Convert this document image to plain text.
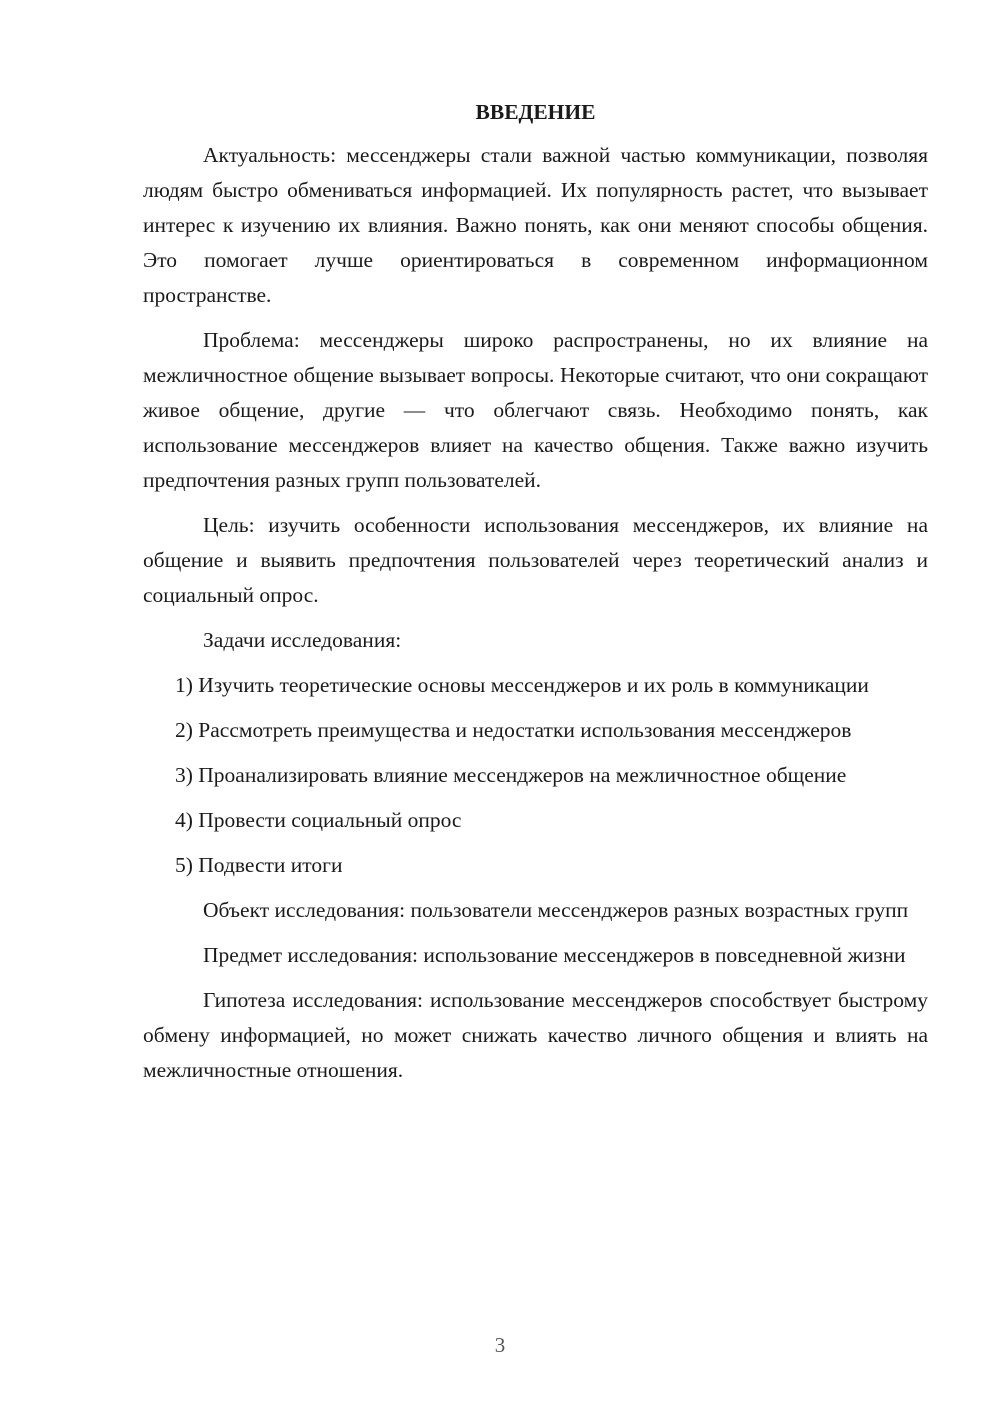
ВВЕДЕНИЕ

Актуальность: мессенджеры стали важной частью коммуникации, позволяя людям быстро обмениваться информацией. Их популярность растет, что вызывает интерес к изучению их влияния. Важно понять, как они меняют способы общения. Это помогает лучше ориентироваться в современном информационном пространстве.

Проблема: мессенджеры широко распространены, но их влияние на межличностное общение вызывает вопросы. Некоторые считают, что они сокращают живое общение, другие — что облегчают связь. Необходимо понять, как использование мессенджеров влияет на качество общения. Также важно изучить предпочтения разных групп пользователей.

Цель: изучить особенности использования мессенджеров, их влияние на общение и выявить предпочтения пользователей через теоретический анализ и социальный опрос.

Задачи исследования:

1) Изучить теоретические основы мессенджеров и их роль в коммуникации

2) Рассмотреть преимущества и недостатки использования мессенджеров

3) Проанализировать влияние мессенджеров на межличностное общение

4) Провести социальный опрос

5) Подвести итоги

Объект исследования: пользователи мессенджеров разных возрастных групп

Предмет исследования: использование мессенджеров в повседневной жизни

Гипотеза исследования: использование мессенджеров способствует быстрому обмену информацией, но может снижать качество личного общения и влиять на межличностные отношения.

3
